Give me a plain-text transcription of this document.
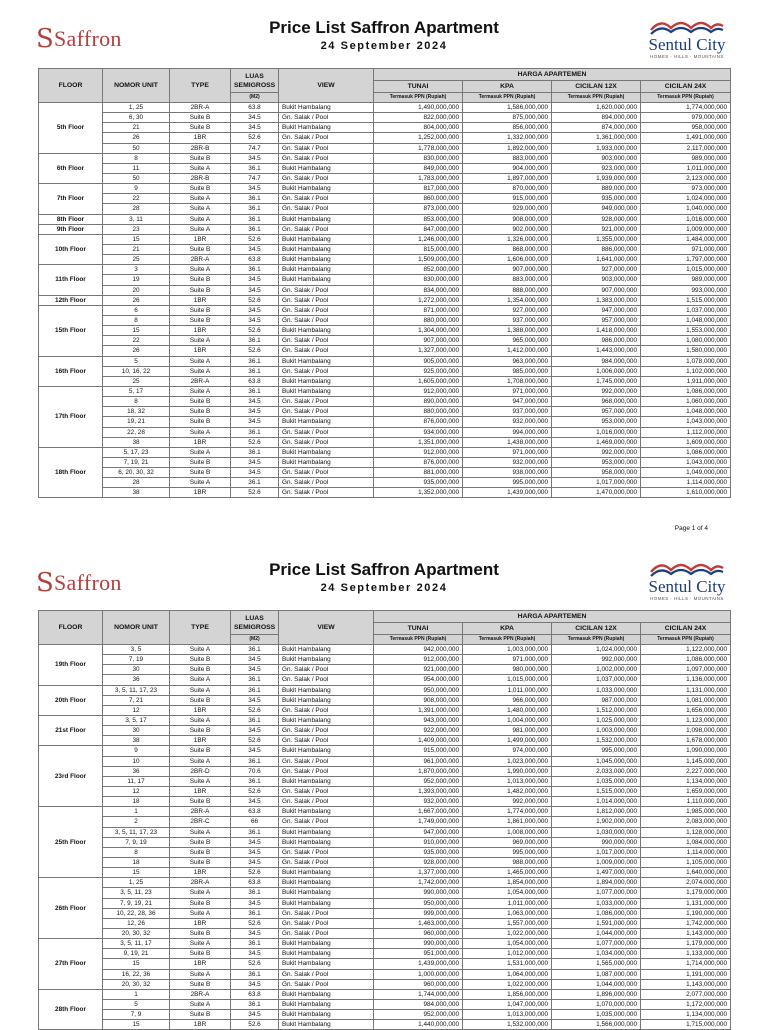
S Saffron	Price List Saffron Apartment
24 September 2024	Sentul City
HOMES · HILLS · MOUNTAINS
FLOOR	NOMOR UNIT	TYPE	LUAS SEMIGROSS	VIEW	HARGA APARTEMEN			
					TUNAI	KPA	CICILAN 12X	CICILAN 24X
			(M2)		Termasuk PPN (Rupiah)	Termasuk PPN (Rupiah)	Termasuk PPN (Rupiah)	Termasuk PPN (Rupiah)
5th Floor	1, 25	2BR-A	63.8	Bukit Hambalang	1,490,000,000	1,586,000,000	1,620,000,000	1,774,000,000
	6, 30	Suite B	34.5	Gn. Salak / Pool	822,000,000	875,000,000	894,000,000	979,000,000
	21	Suite B	34.5	Bukit Hambalang	804,000,000	856,000,000	874,000,000	958,000,000
	26	1BR	52.6	Gn. Salak / Pool	1,252,000,000	1,332,000,000	1,361,000,000	1,491,000,000
	50	2BR-B	74.7	Gn. Salak / Pool	1,778,000,000	1,892,000,000	1,933,000,000	2,117,000,000
6th Floor	8	Suite B	34.5	Gn. Salak / Pool	830,000,000	883,000,000	903,000,000	989,000,000
	11	Suite A	36.1	Bukit Hambalang	849,000,000	904,000,000	923,000,000	1,011,000,000
	50	2BR-B	74.7	Gn. Salak / Pool	1,783,000,000	1,897,000,000	1,939,000,000	2,123,000,000
7th Floor	9	Suite B	34.5	Bukit Hambalang	817,000,000	870,000,000	889,000,000	973,000,000
	22	Suite A	36.1	Gn. Salak / Pool	860,000,000	915,000,000	935,000,000	1,024,000,000
	28	Suite A	36.1	Gn. Salak / Pool	873,000,000	929,000,000	949,000,000	1,040,000,000
8th Floor	3, 11	Suite A	36.1	Bukit Hambalang	853,000,000	908,000,000	928,000,000	1,016,000,000
9th Floor	23	Suite A	36.1	Gn. Salak / Pool	847,000,000	902,000,000	921,000,000	1,009,000,000
10th Floor	15	1BR	52.6	Bukit Hambalang	1,246,000,000	1,326,000,000	1,355,000,000	1,484,000,000
	21	Suite B	34.5	Bukit Hambalang	815,000,000	868,000,000	886,000,000	971,000,000
	25	2BR-A	63.8	Bukit Hambalang	1,509,000,000	1,606,000,000	1,641,000,000	1,797,000,000
11th Floor	3	Suite A	36.1	Bukit Hambalang	852,000,000	907,000,000	927,000,000	1,015,000,000
	19	Suite B	34.5	Bukit Hambalang	830,000,000	883,000,000	903,000,000	989,000,000
	20	Suite B	34.5	Gn. Salak / Pool	834,000,000	888,000,000	907,000,000	993,000,000
12th Floor	26	1BR	52.6	Gn. Salak / Pool	1,272,000,000	1,354,000,000	1,383,000,000	1,515,000,000
15th Floor	6	Suite B	34.5	Gn. Salak / Pool	871,000,000	927,000,000	947,000,000	1,037,000,000
	8	Suite B	34.5	Gn. Salak / Pool	880,000,000	937,000,000	957,000,000	1,048,000,000
	15	1BR	52.6	Bukit Hambalang	1,304,000,000	1,388,000,000	1,418,000,000	1,553,000,000
	22	Suite A	36.1	Gn. Salak / Pool	907,000,000	965,000,000	986,000,000	1,080,000,000
	26	1BR	52.6	Gn. Salak / Pool	1,327,000,000	1,412,000,000	1,443,000,000	1,580,000,000
16th Floor	5	Suite A	36.1	Bukit Hambalang	905,000,000	963,000,000	984,000,000	1,078,000,000
	10, 16, 22	Suite A	36.1	Gn. Salak / Pool	925,000,000	985,000,000	1,006,000,000	1,102,000,000
	25	2BR-A	63.8	Bukit Hambalang	1,605,000,000	1,708,000,000	1,745,000,000	1,911,000,000
17th Floor	5, 17	Suite A	36.1	Bukit Hambalang	912,000,000	971,000,000	992,000,000	1,086,000,000
	8	Suite B	34.5	Gn. Salak / Pool	890,000,000	947,000,000	968,000,000	1,060,000,000
	18, 32	Suite B	34.5	Gn. Salak / Pool	880,000,000	937,000,000	957,000,000	1,048,000,000
	19, 21	Suite B	34.5	Bukit Hambalang	876,000,000	932,000,000	953,000,000	1,043,000,000
	22, 28	Suite A	36.1	Gn. Salak / Pool	934,000,000	994,000,000	1,016,000,000	1,112,000,000
	38	1BR	52.6	Gn. Salak / Pool	1,351,000,000	1,438,000,000	1,469,000,000	1,609,000,000
18th Floor	5, 17, 23	Suite A	36.1	Bukit Hambalang	912,000,000	971,000,000	992,000,000	1,086,000,000
	7, 19, 21	Suite B	34.5	Bukit Hambalang	876,000,000	932,000,000	953,000,000	1,043,000,000
	6, 20, 30, 32	Suite B	34.5	Gn. Salak / Pool	881,000,000	938,000,000	958,000,000	1,049,000,000
	28	Suite A	36.1	Gn. Salak / Pool	935,000,000	995,000,000	1,017,000,000	1,114,000,000
	38	1BR	52.6	Gn. Salak / Pool	1,352,000,000	1,439,000,000	1,470,000,000	1,610,000,000
Page 1 of 4
S Saffron
Price List Saffron Apartment
24 September 2024	Sentul City
HOMES · HILLS · MOUNTAINS
FLOOR	NOMOR UNIT	TYPE	LUAS SEMIGROSS	VIEW	HARGA APARTEMEN			
					TUNAI	KPA	CICILAN 12X	CICILAN 24X
			(M2)		Termasuk PPN (Rupiah)	Termasuk PPN (Rupiah)	Termasuk PPN (Rupiah)	Termasuk PPN (Rupiah)
19th Floor	3, 5	Suite A	36.1	Bukit Hambalang	942,000,000	1,003,000,000	1,024,000,000	1,122,000,000
	7, 19	Suite B	34.5	Bukit Hambalang	912,000,000	971,000,000	992,000,000	1,086,000,000
	30	Suite B	34.5	Gn. Salak / Pool	921,000,000	980,000,000	1,002,000,000	1,097,000,000
	36	Suite A	36.1	Gn. Salak / Pool	954,000,000	1,015,000,000	1,037,000,000	1,136,000,000
20th Floor	3, 5, 11, 17, 23	Suite A	36.1	Bukit Hambalang	950,000,000	1,011,000,000	1,033,000,000	1,131,000,000
	7, 21	Suite B	34.5	Bukit Hambalang	908,000,000	966,000,000	987,000,000	1,081,000,000
	12	1BR	52.6	Gn. Salak / Pool	1,391,000,000	1,480,000,000	1,512,000,000	1,656,000,000
21st Floor	3, 5, 17	Suite A	36.1	Bukit Hambalang	943,000,000	1,004,000,000	1,025,000,000	1,123,000,000
	30	Suite B	34.5	Gn. Salak / Pool	922,000,000	981,000,000	1,003,000,000	1,098,000,000
	38	1BR	52.6	Gn. Salak / Pool	1,409,000,000	1,499,000,000	1,532,000,000	1,678,000,000
23rd Floor	9	Suite B	34.5	Bukit Hambalang	915,000,000	974,000,000	995,000,000	1,090,000,000
	10	Suite A	36.1	Gn. Salak / Pool	961,000,000	1,023,000,000	1,045,000,000	1,145,000,000
	36	2BR-D	70.6	Gn. Salak / Pool	1,870,000,000	1,990,000,000	2,033,000,000	2,227,000,000
	11, 17	Suite A	36.1	Bukit Hambalang	952,000,000	1,013,000,000	1,035,000,000	1,134,000,000
	12	1BR	52.6	Gn. Salak / Pool	1,393,000,000	1,482,000,000	1,515,000,000	1,659,000,000
	18	Suite B	34.5	Gn. Salak / Pool	932,000,000	992,000,000	1,014,000,000	1,110,000,000
25th Floor	1	2BR-A	63.8	Bukit Hambalang	1,667,000,000	1,774,000,000	1,812,000,000	1,985,000,000
	2	2BR-C	66	Gn. Salak / Pool	1,749,000,000	1,861,000,000	1,902,000,000	2,083,000,000
	3, 5, 11, 17, 23	Suite A	36.1	Bukit Hambalang	947,000,000	1,008,000,000	1,030,000,000	1,128,000,000
	7, 9, 19	Suite B	34.5	Bukit Hambalang	910,000,000	969,000,000	990,000,000	1,084,000,000
	8	Suite B	34.5	Gn. Salak / Pool	935,000,000	995,000,000	1,017,000,000	1,114,000,000
	18	Suite B	34.5	Gn. Salak / Pool	928,000,000	988,000,000	1,009,000,000	1,105,000,000
	15	1BR	52.6	Bukit Hambalang	1,377,000,000	1,465,000,000	1,497,000,000	1,640,000,000
26th Floor	1, 25	2BR-A	63.8	Bukit Hambalang	1,742,000,000	1,854,000,000	1,894,000,000	2,074,000,000
	3, 5, 11, 23	Suite A	36.1	Bukit Hambalang	990,000,000	1,054,000,000	1,077,000,000	1,179,000,000
	7, 9, 19, 21	Suite B	34.5	Bukit Hambalang	950,000,000	1,011,000,000	1,033,000,000	1,131,000,000
	10, 22, 28, 36	Suite A	36.1	Gn. Salak / Pool	999,000,000	1,063,000,000	1,086,000,000	1,190,000,000
	12, 26	1BR	52.6	Gn. Salak / Pool	1,463,000,000	1,557,000,000	1,591,000,000	1,742,000,000
	20, 30, 32	Suite B	34.5	Gn. Salak / Pool	960,000,000	1,022,000,000	1,044,000,000	1,143,000,000
27th Floor	3, 5, 11, 17	Suite A	36.1	Bukit Hambalang	990,000,000	1,054,000,000	1,077,000,000	1,179,000,000
	9, 19, 21	Suite B	34.5	Bukit Hambalang	951,000,000	1,012,000,000	1,034,000,000	1,133,000,000
	15	1BR	52.6	Bukit Hambalang	1,439,000,000	1,531,000,000	1,565,000,000	1,714,000,000
	16, 22, 36	Suite A	36.1	Gn. Salak / Pool	1,000,000,000	1,064,000,000	1,087,000,000	1,191,000,000
	20, 30, 32	Suite B	34.5	Gn. Salak / Pool	960,000,000	1,022,000,000	1,044,000,000	1,143,000,000
28th Floor	1	2BR-A	63.8	Bukit Hambalang	1,744,000,000	1,856,000,000	1,896,000,000	2,077,000,000
	5	Suite A	36.1	Bukit Hambalang	984,000,000	1,047,000,000	1,070,000,000	1,172,000,000
	7, 9	Suite B	34.5	Bukit Hambalang	952,000,000	1,013,000,000	1,035,000,000	1,134,000,000
	15	1BR	52.6	Bukit Hambalang	1,440,000,000	1,532,000,000	1,566,000,000	1,715,000,000
